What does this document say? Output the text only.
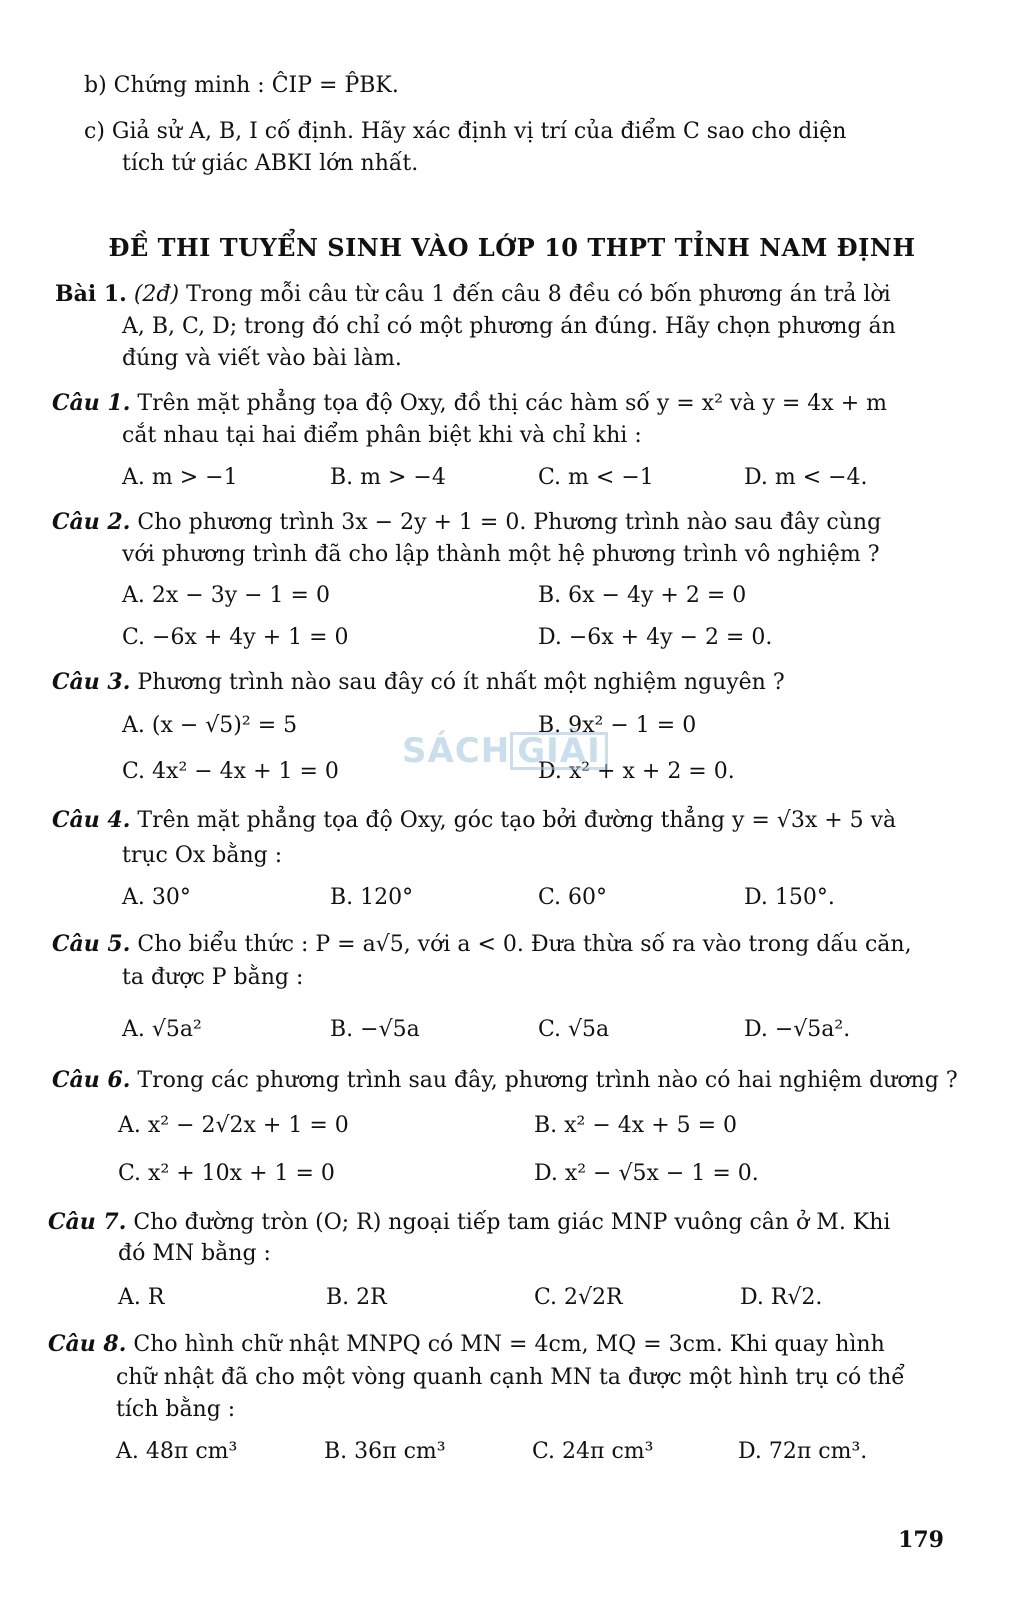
b) Chứng minh : ĈIP = P̂BK.
c) Giả sử A, B, I cố định. Hãy xác định vị trí của điểm C sao cho diện
tích tứ giác ABKI lớn nhất.
ĐỀ THI TUYỂN SINH VÀO LỚP 10 THPT TỈNH NAM ĐỊNH
Bài 1. (2đ) Trong mỗi câu từ câu 1 đến câu 8 đều có bốn phương án trả lời
A, B, C, D; trong đó chỉ có một phương án đúng. Hãy chọn phương án
đúng và viết vào bài làm.
Câu 1. Trên mặt phẳng tọa độ Oxy, đồ thị các hàm số y = x² và y = 4x + m
cắt nhau tại hai điểm phân biệt khi và chỉ khi :
A. m > −1	B. m > −4	C. m < −1	D. m < −4.
Câu 2. Cho phương trình 3x − 2y + 1 = 0. Phương trình nào sau đây cùng
với phương trình đã cho lập thành một hệ phương trình vô nghiệm ?
A. 2x − 3y − 1 = 0	B. 6x − 4y + 2 = 0
C. −6x + 4y + 1 = 0	D. −6x + 4y − 2 = 0.
Câu 3. Phương trình nào sau đây có ít nhất một nghiệm nguyên ?
A. (x − √5)² = 5	B. 9x² − 1 = 0
C. 4x² − 4x + 1 = 0	D. x² + x + 2 = 0.
Câu 4. Trên mặt phẳng tọa độ Oxy, góc tạo bởi đường thẳng y = √3x + 5 và
trục Ox bằng :
A. 30°	B. 120°	C. 60°	D. 150°.
Câu 5. Cho biểu thức : P = a√5, với a < 0. Đưa thừa số ra vào trong dấu căn,
ta được P bằng :
A. √5a²	B. −√5a	C. √5a	D. −√5a².
Câu 6. Trong các phương trình sau đây, phương trình nào có hai nghiệm dương ?
A. x² − 2√2x + 1 = 0	B. x² − 4x + 5 = 0
C. x² + 10x + 1 = 0	D. x² − √5x − 1 = 0.
Câu 7. Cho đường tròn (O; R) ngoại tiếp tam giác MNP vuông cân ở M. Khi
đó MN bằng :
A. R	B. 2R	C. 2√2R	D. R√2.
Câu 8. Cho hình chữ nhật MNPQ có MN = 4cm, MQ = 3cm. Khi quay hình
chữ nhật đã cho một vòng quanh cạnh MN ta được một hình trụ có thể
tích bằng :
A. 48π cm³	B. 36π cm³	C. 24π cm³	D. 72π cm³.
SÁCH GIẢI
179
